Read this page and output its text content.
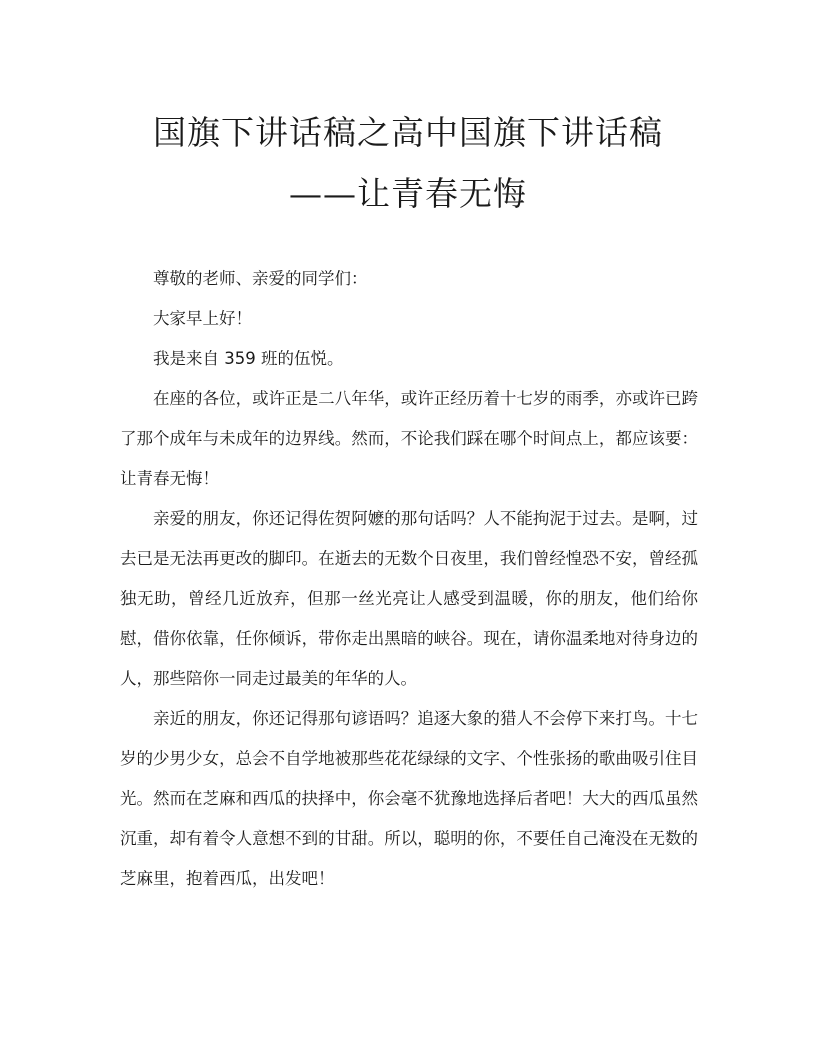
国旗下讲话稿之高中国旗下讲话稿
——让青春无悔

尊敬的老师、亲爱的同学们：

大家早上好！

我是来自 359 班的伍悦。

在座的各位，或许正是二八年华，或许正经历着十七岁的雨季，亦或许已跨了那个成年与未成年的边界线。然而，不论我们踩在哪个时间点上，都应该要：让青春无悔！

亲爱的朋友，你还记得佐贺阿嬷的那句话吗？人不能拘泥于过去。是啊，过去已是无法再更改的脚印。在逝去的无数个日夜里，我们曾经惶恐不安，曾经孤独无助，曾经几近放弃，但那一丝光亮让人感受到温暖，你的朋友，他们给你慰，借你依靠，任你倾诉，带你走出黑暗的峡谷。现在，请你温柔地对待身边的人，那些陪你一同走过最美的年华的人。

亲近的朋友，你还记得那句谚语吗？追逐大象的猎人不会停下来打鸟。十七岁的少男少女，总会不自学地被那些花花绿绿的文字、个性张扬的歌曲吸引住目光。然而在芝麻和西瓜的抉择中，你会毫不犹豫地选择后者吧！大大的西瓜虽然沉重，却有着令人意想不到的甘甜。所以，聪明的你，不要任自己淹没在无数的芝麻里，抱着西瓜，出发吧！
